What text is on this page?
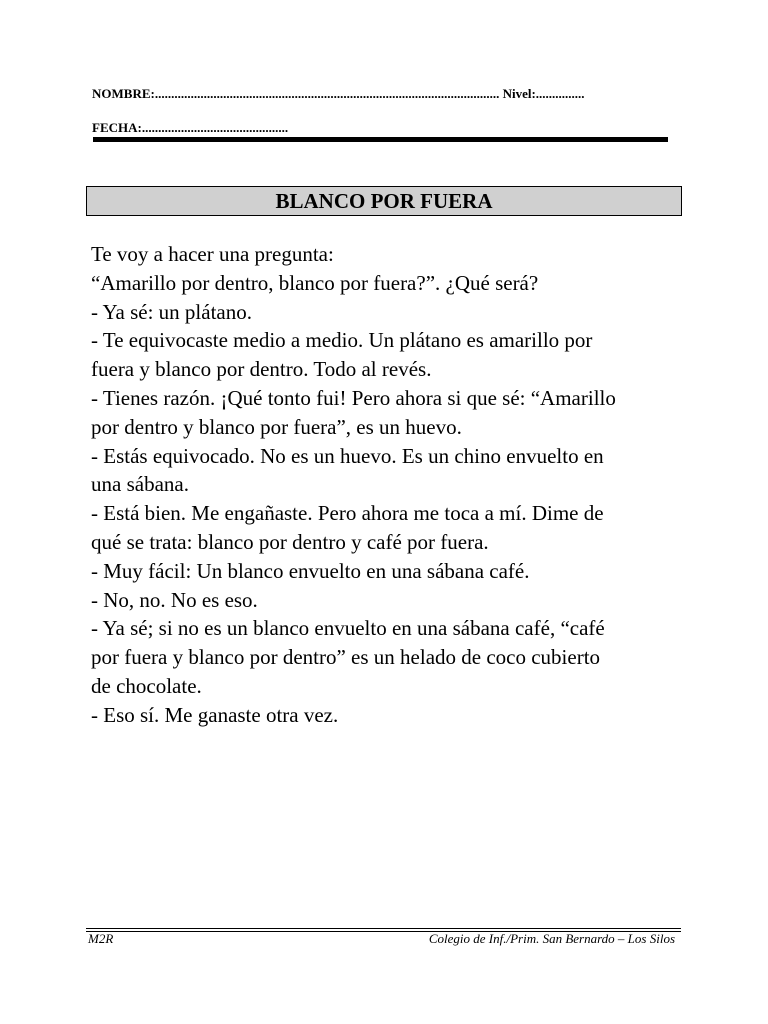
NOMBRE:.......................................................................................................... Nivel:...............
FECHA:.............................................
BLANCO POR FUERA

Te voy a hacer una pregunta:

“Amarillo por dentro, blanco por fuera?”. ¿Qué será?

- Ya sé: un plátano.

- Te equivocaste medio a medio. Un plátano es amarillo por

fuera y blanco por dentro. Todo al revés.

- Tienes razón. ¡Qué tonto fui! Pero ahora si que sé: “Amarillo

por dentro y blanco por fuera”, es un huevo.

- Estás equivocado. No es un huevo. Es un chino envuelto en

una sábana.

- Está bien. Me engañaste. Pero ahora me toca a mí. Dime de

qué se trata: blanco por dentro y café por fuera.

- Muy fácil: Un blanco envuelto en una sábana café.

- No, no. No es eso.

- Ya sé; si no es un blanco envuelto en una sábana café, “café

por fuera y blanco por dentro” es un helado de coco cubierto

de chocolate.

- Eso sí. Me ganaste otra vez.

M2R	Colegio de Inf./Prim. San Bernardo – Los Silos
